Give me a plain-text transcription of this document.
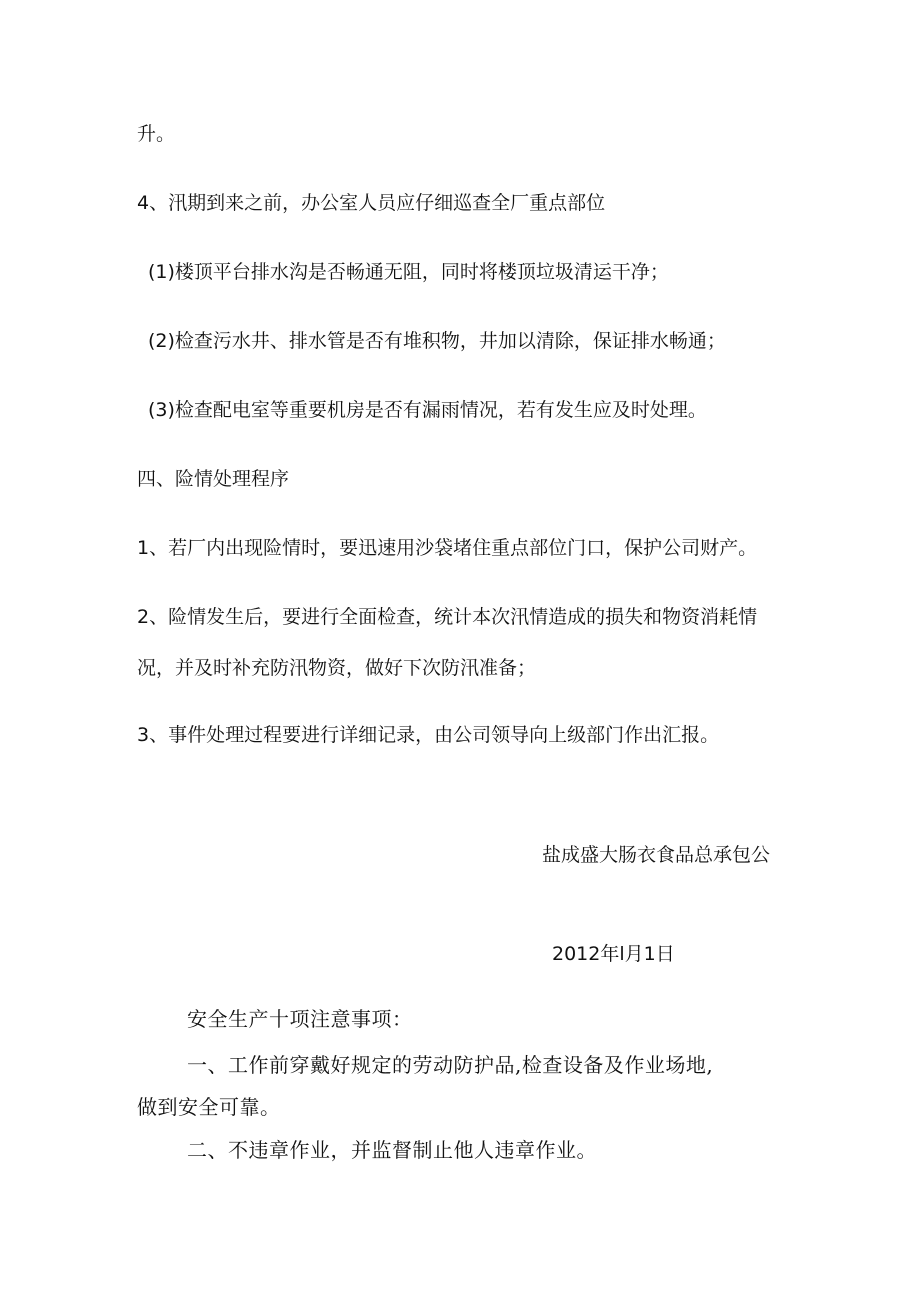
升。
4、汛期到来之前，办公室人员应仔细巡查全厂重点部位
(1)楼顶平台排水沟是否畅通无阻，同时将楼顶垃圾清运干净；
(2)检查污水井、排水管是否有堆积物，井加以清除，保证排水畅通；
(3)检查配电室等重要机房是否有漏雨情况，若有发生应及时处理。
四、险情处理程序
1、若厂内出现险情时，要迅速用沙袋堵住重点部位门口，保护公司财产。
2、险情发生后，要进行全面检查，统计本次汛情造成的损失和物资消耗情
况，并及时补充防汛物资，做好下次防汛准备；
3、事件处理过程要进行详细记录，由公司领导向上级部门作出汇报。
盐成盛大肠衣食品总承包公
2012年l月1日
安全生产十项注意事项：
一、工作前穿戴好规定的劳动防护品,检查设备及作业场地,
做到安全可靠。
二、不违章作业，并监督制止他人违章作业。
